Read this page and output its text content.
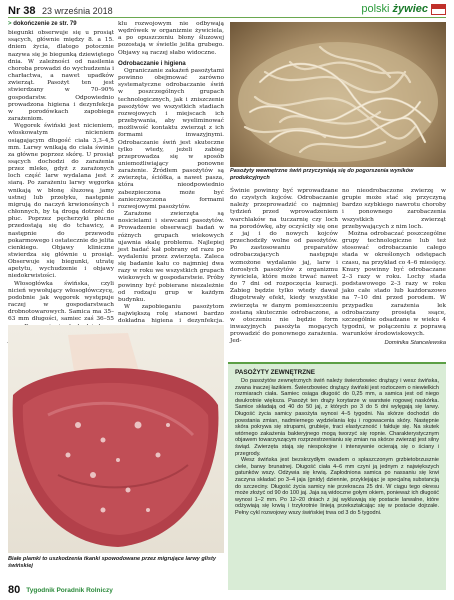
Nr 38 23 września 2018	polski żywiec
> dokończenie ze str. 79

biegunki obserwuje się u prosiąt ssących, głównie między 8. a 15. dniem życia, dlatego potocznie nazywa się je biegunką dziewiętego dnia. W zależności od nasilenia choroba prowadzi do wychudzenia i charłactwa, a nawet upadków zwierząt. Pasożyt ten jest stwierdzany w 70–90% gospodarstw. Odpowiednio prowadzona higiena i dezynfekcja w porodówkach zapobiega zarażeniom.

Węgorek świński jest nicieniem, włoskowatym nicieniem osiągającym długość ciała 3,3–4,5 mm. Larwy wnikają do ciała świnie za główne poprzez skórę. U prosiąt ssących dochodzi do zarażenia przez mleko, gdyż z zarażonych loch część larw wydalana jest z siarą. Po zarażeniu larwy węgorka wnikają w błonę śluzową jamy ustnej lub przełyku, następnie migrują do naczyń krwionośnych i chłonnych, by tą drogą dotrzeć do płuc. Poprzez pęcherzyki płucne przedostają się do tchawicy, a następnie do przewodu pokarmowego i ostatecznie do jelita cienkiego. Objawy kliniczne stwierdza się głównie u prosiąt. Obserwuje się biegunki, utratę apetytu, wychudzenie i objawy niedokrwistości.

Włosogłówka świńska, czyli nicień wywołujący włosogłówczycę, podobnie jak węgorek występuje raczej w gospodarstwach drobnotowarowych. Samica ma 35–63 mm długości, samiec zaś 36–55

klu rozwojowym nie odbywają wędrówek w organizmie żywiciela, a po opuszczeniu błony śluzowej pozostają w świetle jelita grubego. Objawy są raczej słabo widoczne.

Odrobaczanie i higiena

Ograniczanie zakażeń pasożytami powinno obejmować zarówno systematyczne odrobaczanie świń w poszczególnych grupach technologicznych, jak i zniszczenie pasożytów we wszystkich stadiach rozwojowych i miejscach ich przebywania, aby wyeliminować możliwość kontaktu zwierząt z ich formami inwazyjnymi. Odrobaczanie świń jest skuteczne tylko wtedy, jeżeli zabieg przeprowadza się w sposób uniemożliwiający ponowne zarażenie. Źródłem pasożytów są zwierzęta, ściółka, a nawet pasza, która nieodpowiednio zabezpieczona może być zanieczyszczona formami rozwojowymi pasożytów.

Zarażone zwierzęta są nosicielami i siewcami pasożytów. Prowadzenie obserwacji badań w różnych grupach wiekowych ujawnia skalę problemu. Najlepiej jest badać kał pobrany od razu po wydaleniu przez zwierzęta. Zaleca się badanie kału co najmniej dwa razy w roku we wszystkich grupach wiekowych w gospodarstwie. Próby powinny być pobierane niezależnie od rodzaju grup w każdym budynku.

W zapobieganiu pasożytom największą rolę stanowi bardzo dokładna higiena i dezynfekcja.

Pasożyty wewnętrzne świń przyczyniają się do pogorszenia wyników produkcyjnych

Świnie powinny być wprowadzane do czystych kojców. Odrobaczanie należy przeprowadzić co najmniej tydzień przed wprowadzeniem warchlaków na tuczarnię czy loch na porodówkę, aby oczyściły się one z jaj i do nowych kojców przechodziły wolne od pasożytów. Po zastosowaniu preparatów odrobaczających następuje wzmożone wydalanie jaj, larw i dorosłych pasożytów z organizmu żywiciela, które może trwać nawet do 7 dni od rozpoczęcia kuracji. Zabieg będzie tylko wtedy dawał długotrwały efekt, kiedy wszystkie zwierzęta w danym pomieszczeniu zostaną skutecznie odrobaczone, a w otoczeniu nie będzie form inwazyjnych pasożyta mogących prowadzić do ponownego zarażenia. Jed-

no nieodrobaczone zwierzę w grupie może stać się przyczyną bardzo szybkiego nawrotu choroby i ponownego zarobaczenia wszystkich zwierząt przebywających z nim loch.

Można odrobaczać poszczególne grupy technologiczne lub też stosować odrobaczanie całego stada w określonych odstępach czasu, na przykład co 4–6 miesięcy. Knury powinny być odrobaczane 2–3 razy w roku. Lochy stada podstawowego 2–3 razy w roku jako całe stado lub każdorazowo na 7–10 dni przed porodem. W przypadku zarażenia lek odrobaczany prosięta ssące, szczególnie odsadzane w wieku 4 tygodni, w połączeniu z poprawą warunków środowiskowych.

Dominika Stancelewska
Białe plamki to uszkodzenia tkanki spowodowane przez migrujące larwy glisty świńskiej
PASOŻYTY ZEWNĘTRZNE

Do pasożytów zewnętrznych świń należy świerzbowiec drążący i wesz świńska, zwana inaczej łazikiem. Świerzbowiec drążący świński jest roztoczem o niewielkich rozmiarach ciała. Samiec osiąga długość do 0,25 mm, a samica jest od niego dwukrotnie większa. Pasożyt ten drąży korytarze w warstwie rogowej naskórka. Samice składają od 40 do 50 jaj, z których po 3 do 5 dni wylęgają się larwy. Długość życia samicy pasożyta wynosi 4–5 tygodni. Na skórze dochodzi do powstania zmian, nadmiernego wydzielania łoju i rogowacenia skóry. Następnie skóra pokrywa się strupami, grubieje, traci elastyczność i fałduje się. Na skutek wtórnego zakażenia bakteryjnego mogą tworzyć się ropnie. Charakterystycznym objawem towarzyszącym rozprzestrzenianiu się zmian na skórze zwierząt jest silny świąd. Zwierzęta stają się niespokojne i intensywnie ocierają się o ściany i przegrody.

Wesz świńska jest bezskrzydłym owadem o spłaszczonym grzbietobrzusznie ciele, barwy brunatnej. Długość ciała 4–6 mm czyni ją jednym z największych gatunków wszy. Odżywia się krwią. Zapłodniona samica po nassaniu się krwi zaczyna składać po 3–4 jaja (gnidy) dziennie, przyklejając je specjalną substancją do szczeciny. Długość życia samicy nie przekracza 25 dni. W ciągu tego okresu może złożyć od 90 do 100 jaj. Jaja są widoczne gołym okiem, ponieważ ich długość wynosi 1–2 mm. Po 12–20 dniach z jaj wykluwają się postacie larwalne, które odżywiają się krwią i trzykrotnie linieją przekształcając się w postacie dojrzałe. Pełny cykl rozwojowy wszy świńskiej trwa od 3 do 5 tygodni.

80 Tygodnik Poradnik Rolniczy
